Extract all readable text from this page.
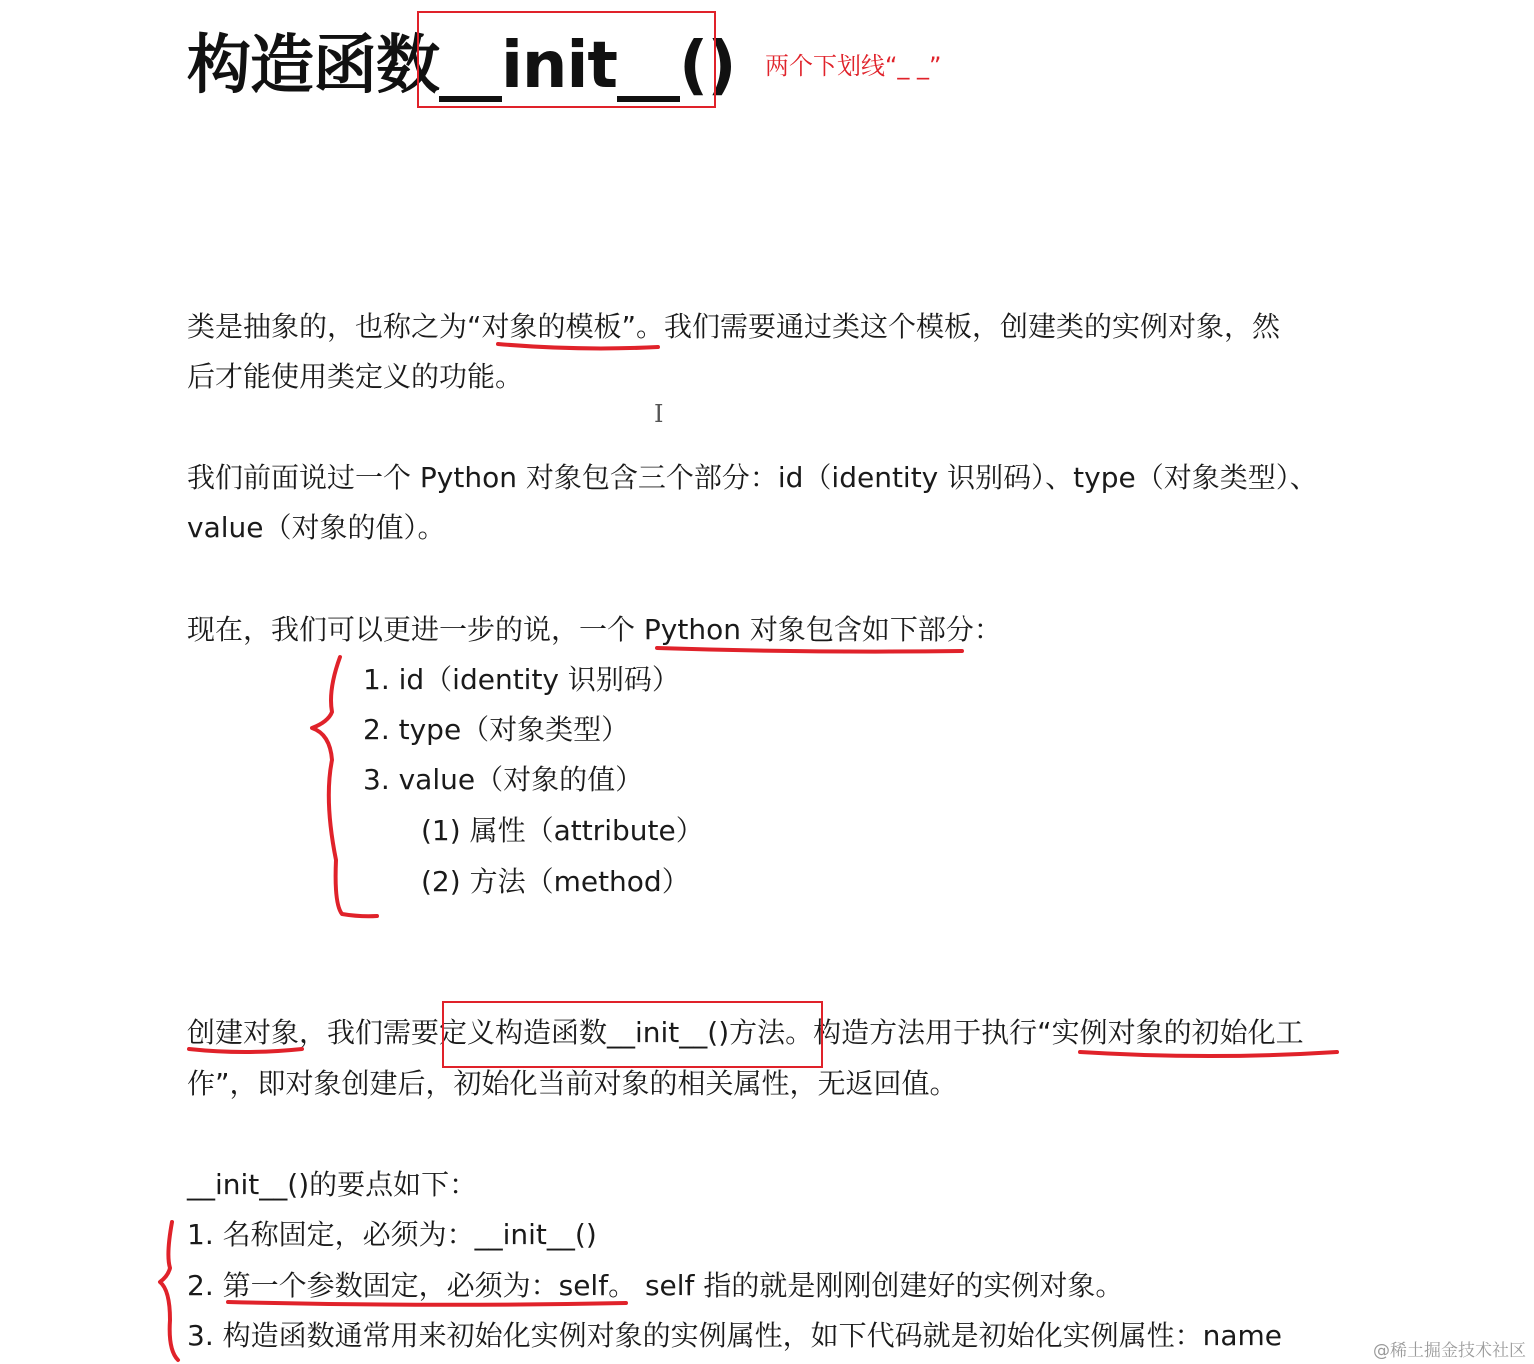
构造函数__init__() 两个下划线“_ _”
类是抽象的，也称之为“对象的模板”。我们需要通过类这个模板，创建类的实例对象，然
后才能使用类定义的功能。
I
我们前面说过一个 Python 对象包含三个部分：id（identity 识别码）、type（对象类型）、
value（对象的值）。
现在，我们可以更进一步的说，一个 Python 对象包含如下部分：
1. id（identity 识别码）
2. type（对象类型）
3. value（对象的值）
(1) 属性（attribute）
(2) 方法（method）
创建对象，我们需要定义构造函数__init__()方法。构造方法用于执行“实例对象的初始化工
作”，即对象创建后，初始化当前对象的相关属性，无返回值。
__init__()的要点如下：
1. 名称固定，必须为：__init__()
2. 第一个参数固定，必须为：self。 self 指的就是刚刚创建好的实例对象。
3. 构造函数通常用来初始化实例对象的实例属性，如下代码就是初始化实例属性：name	@稀土掘金技术社区
